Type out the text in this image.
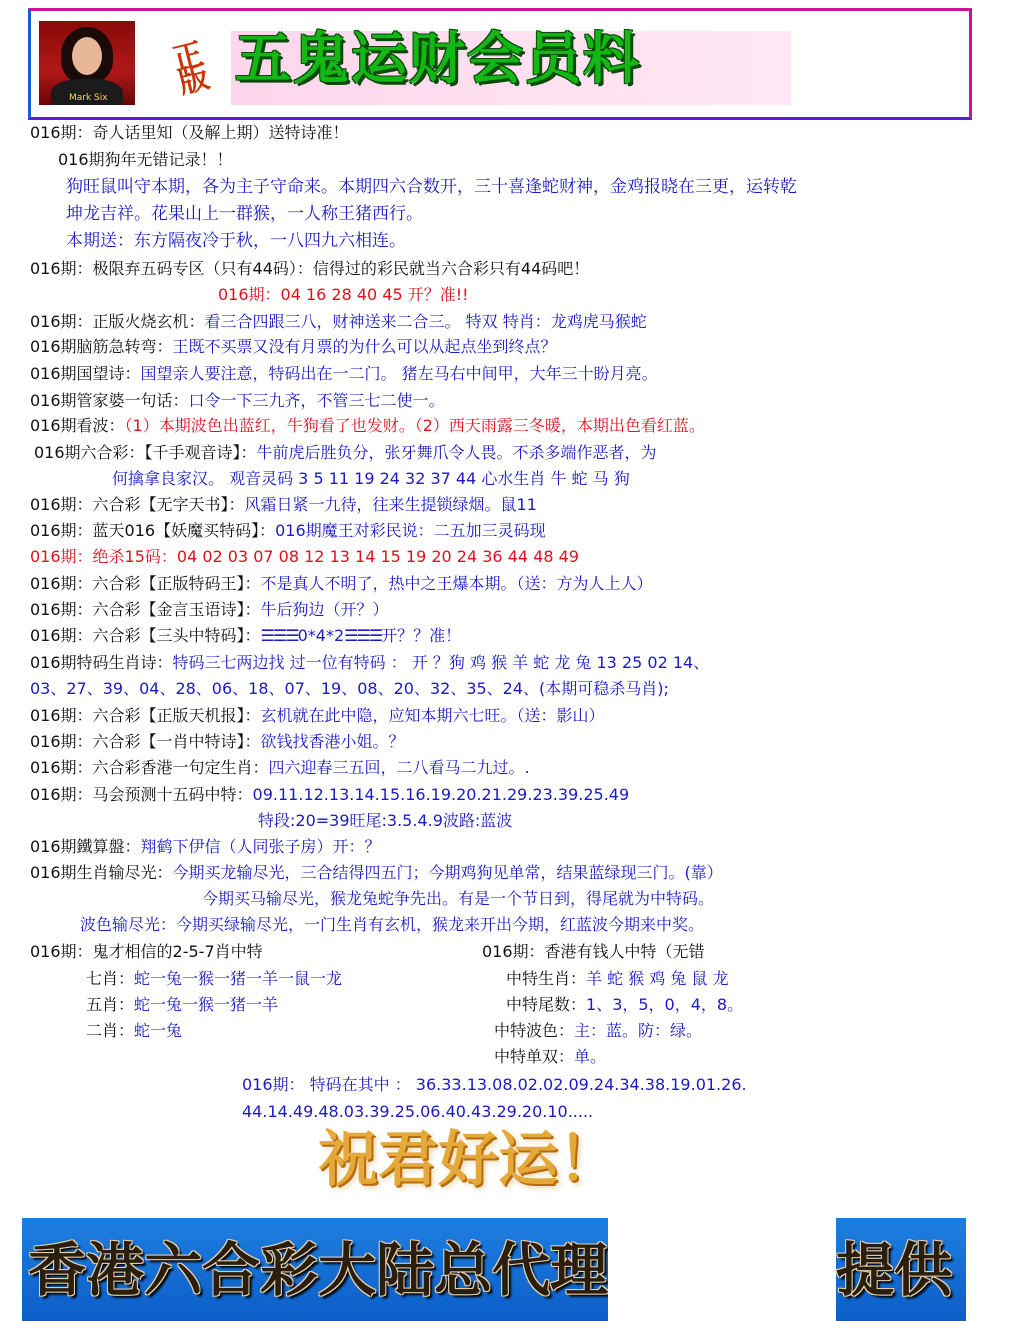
Mark Six
正版 五鬼运财会员料
016期：奇人话里知（及解上期）送特诗准！
016期狗年无错记录！！
狗旺鼠叫守本期，各为主子守命来。本期四六合数开，三十喜逢蛇财神，金鸡报晓在三更，运转乾
坤龙吉祥。花果山上一群猴，一人称王猪西行。
本期送：东方隔夜冷于秋，一八四九六相连。
016期：极限弃五码专区（只有44码）：信得过的彩民就当六合彩只有44码吧！
016期：04 16 28 40 45 开？准!!
016期：正版火烧玄机：看三合四跟三八，财神送来二合三。 特双 特肖：龙鸡虎马猴蛇
016期脑筋急转弯：王既不买票又没有月票的为什么可以从起点坐到终点？
016期国望诗：国望亲人要注意，特码出在一二门。 猪左马右中间甲，大年三十盼月亮。
016期管家婆一句话：口令一下三九齐，不管三七二使一。
016期看波：（1）本期波色出蓝红，牛狗看了也发财。（2）西天雨露三冬暖，本期出色看红蓝。
016期六合彩：【千手观音诗】：牛前虎后胜负分，张牙舞爪令人畏。不杀多端作恶者，为
何擒拿良家汉。 观音灵码 3 5 11 19 24 32 37 44 心水生肖 牛 蛇 马 狗
016期：六合彩【无字天书】：风霜日紧一九待，往来生提锁绿烟。鼠11
016期：蓝天016【妖魔买特码】：016期魔王对彩民说：二五加三灵码现
016期：绝杀15码：04 02 03 07 08 12 13 14 15 19 20 24 36 44 48 49
016期：六合彩【正版特码王】：不是真人不明了，热中之王爆本期。（送：方为人上人）
016期：六合彩【金言玉语诗】：牛后狗边（开？）
016期：六合彩【三头中特码】：☰☰☰0*4*2☰☰☰开？？准！
016期特码生肖诗：特码三七两边找 过一位有特码 ： 开 ？狗 鸡 猴 羊 蛇 龙 兔 13 25 02 14、
03、27、39、04、28、06、18、07、19、08、20、32、35、24、(本期可稳杀马肖);
016期：六合彩【正版天机报】：玄机就在此中隐，应知本期六七旺。（送：影山）
016期：六合彩【一肖中特诗】：欲钱找香港小姐。？
016期：六合彩香港一句定生肖：四六迎春三五回，二八看马二九过。.
016期：马会预测十五码中特：09.11.12.13.14.15.16.19.20.21.29.23.39.25.49
特段:20=39旺尾:3.5.4.9波路:蓝波
016期鐵算盤：翔鹤下伊信（人同张子房）开：？
016期生肖输尽光：今期买龙输尽光，三合结得四五门；今期鸡狗见单常，结果蓝绿现三门。(靠）
今期买马输尽光，猴龙兔蛇争先出。有是一个节日到，得尾就为中特码。
波色输尽光：今期买绿输尽光，一门生肖有玄机，猴龙来开出今期，红蓝波今期来中奖。
016期：鬼才相信的2-5-7肖中特
七肖：蛇一兔一猴一猪一羊一鼠一龙
五肖：蛇一兔一猴一猪一羊
二肖：蛇一兔
016期：香港有钱人中特（无错
中特生肖：羊 蛇 猴 鸡 兔 鼠 龙
中特尾数：1、3，5，0，4，8。
中特波色：主：蓝。防：绿。
中特单双：单。
016期： 特码在其中 ： 36.33.13.08.02.02.09.24.34.38.19.01.26.
44.14.49.48.03.39.25.06.40.43.29.20.10.....
祝君好运！
香港六合彩大陆总代理	提供
